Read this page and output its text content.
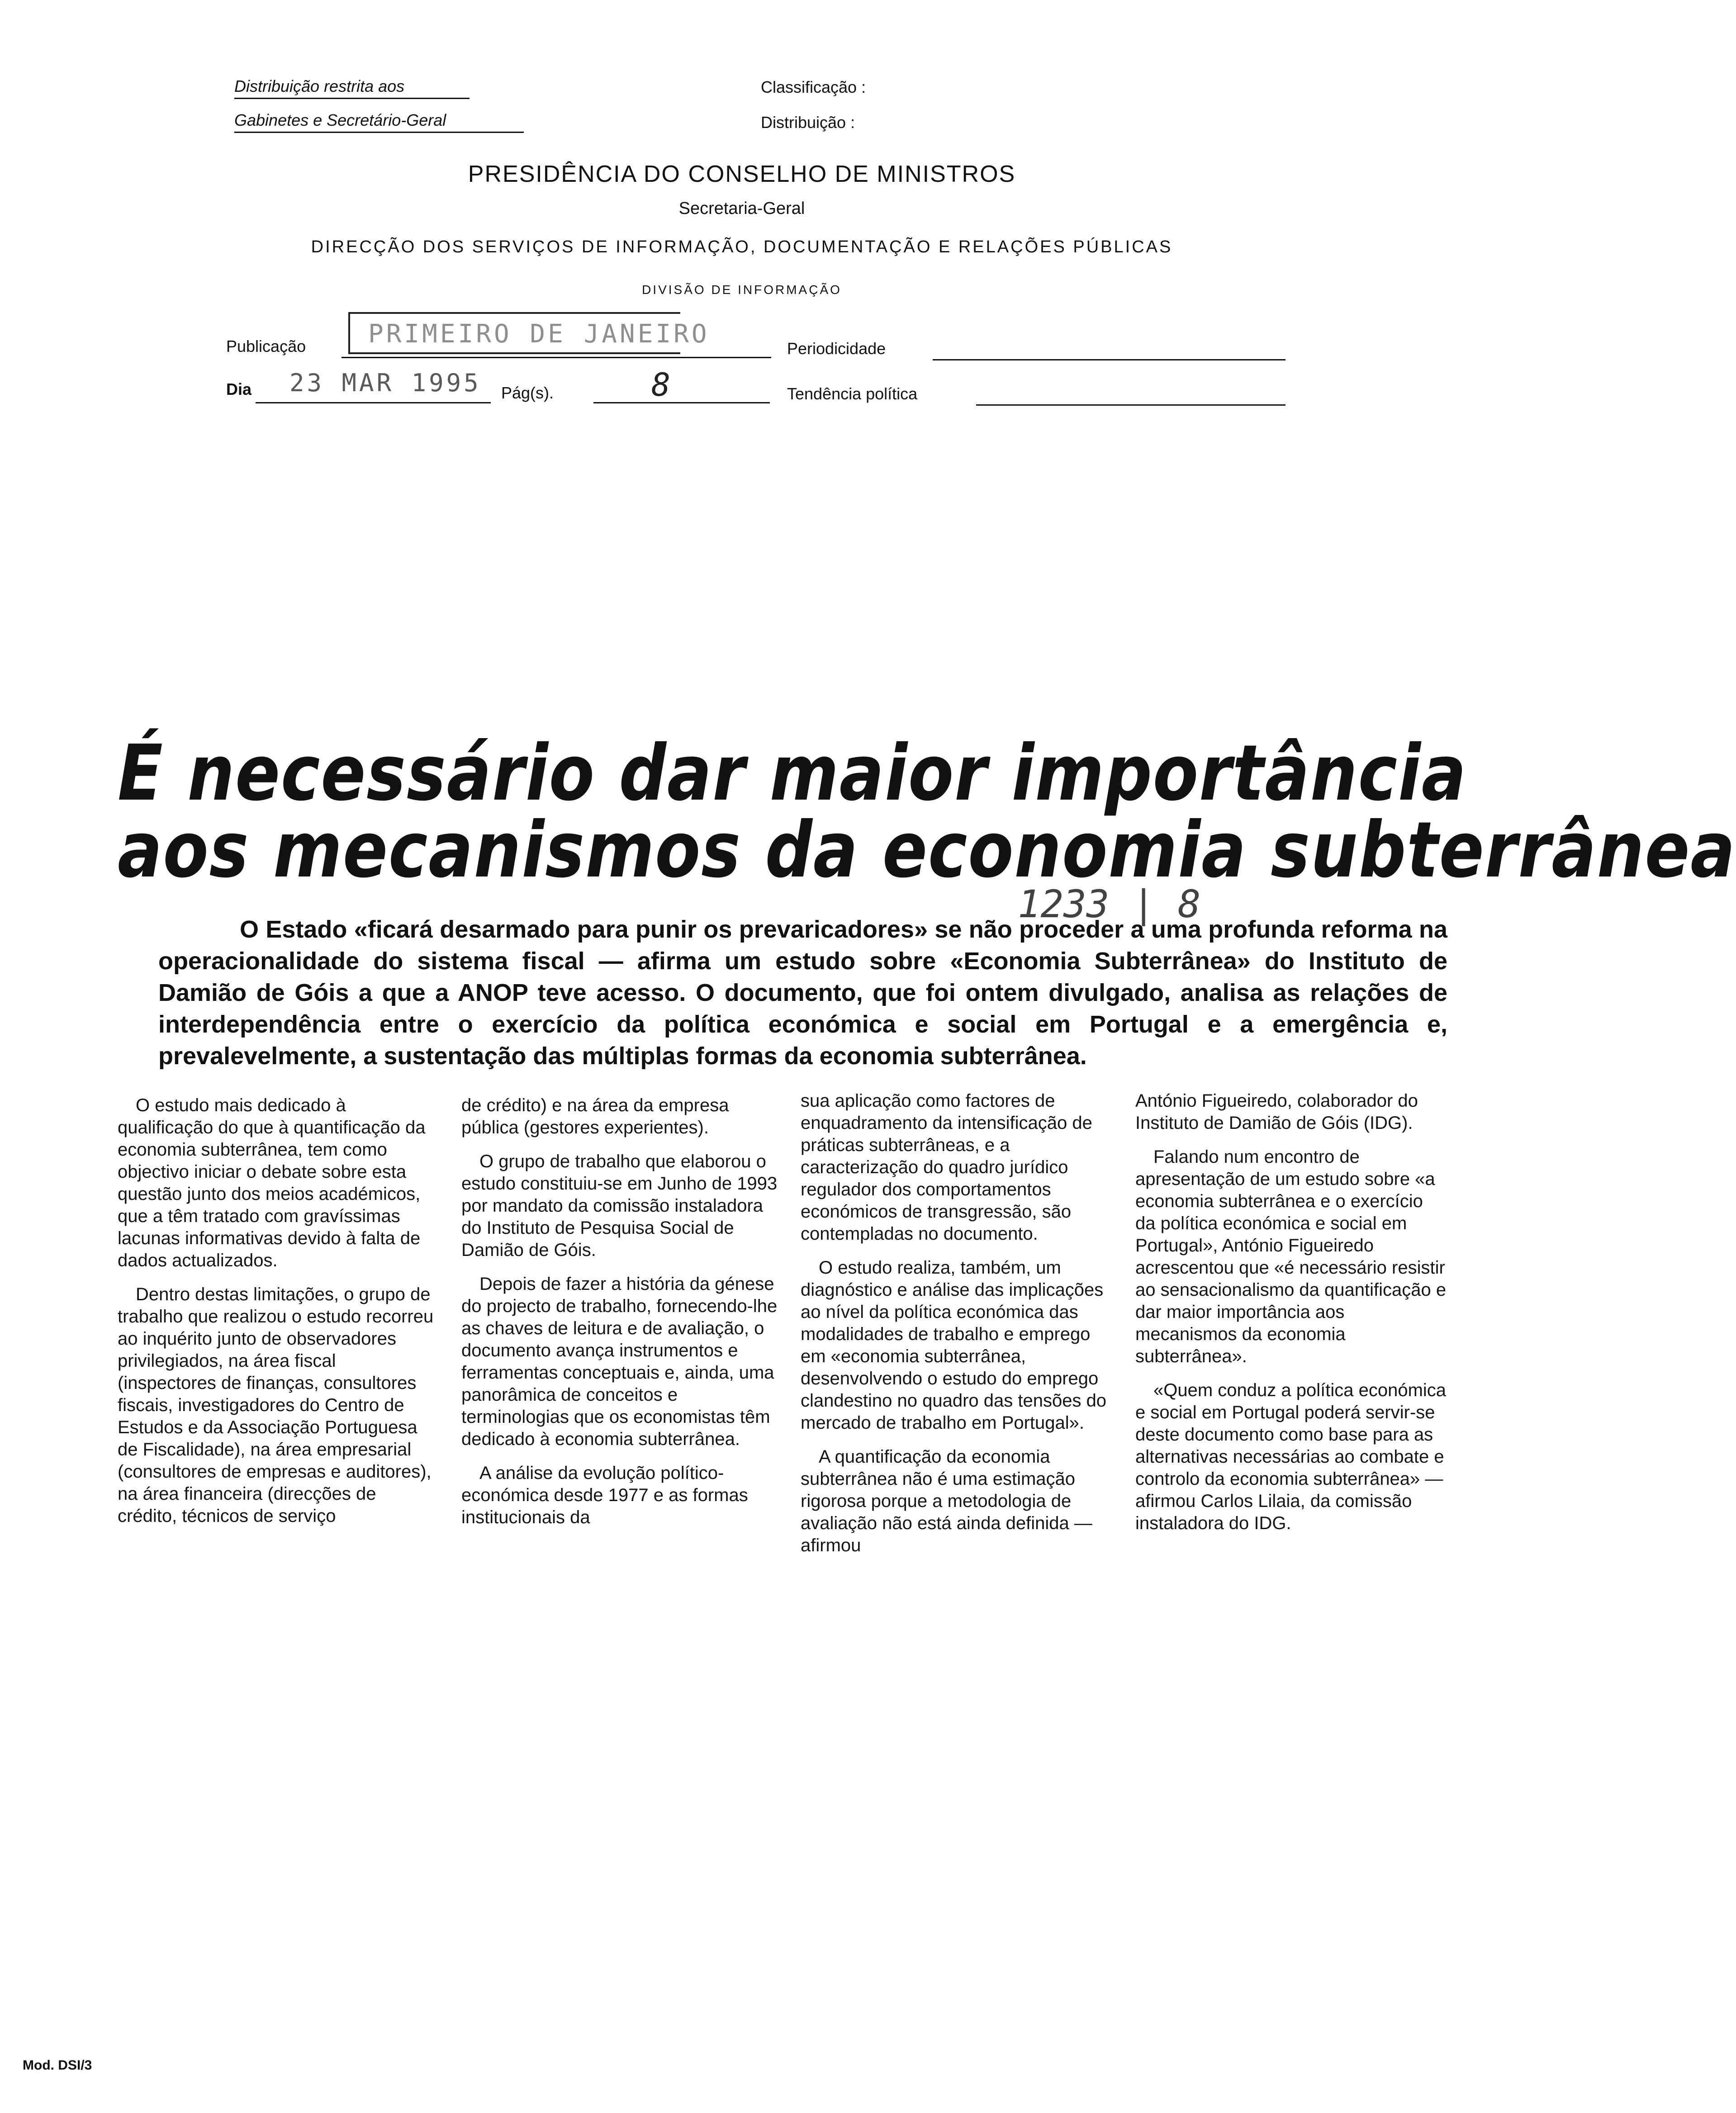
Distribuição restrita aos
Gabinetes e Secretário-Geral
Classificação :
Distribuição :
PRESIDÊNCIA DO CONSELHO DE MINISTROS
Secretaria-Geral
DIRECÇÃO DOS SERVIÇOS DE INFORMAÇÃO, DOCUMENTAÇÃO E RELAÇÕES PÚBLICAS
DIVISÃO DE INFORMAÇÃO
Publicação PRIMEIRO DE JANEIRO	Periodicidade
Dia 23 MAR 1995 Pág(s).	8	Tendência política
É necessário dar maior importância
aos mecanismos da economia subterrânea
1233 | 8
O Estado «ficará desarmado para punir os prevaricadores» se não proceder a uma profunda reforma na operacionalidade do sistema fiscal — afirma um estudo sobre «Economia Subterrânea» do Instituto de Damião de Góis a que a ANOP teve acesso. O documento, que foi ontem divulgado, analisa as relações de interdependência entre o exercício da política económica e social em Portugal e a emergência e, prevalevelmente, a sustentação das múltiplas formas da economia subterrânea.

O estudo mais dedicado à qualificação do que à quantificação da economia subterrânea, tem como objectivo iniciar o debate sobre esta questão junto dos meios académicos, que a têm tratado com gravíssimas lacunas informativas devido à falta de dados actualizados.

Dentro destas limitações, o grupo de trabalho que realizou o estudo recorreu ao inquérito junto de observadores privilegiados, na área fiscal (inspectores de finanças, consultores fiscais, investigadores do Centro de Estudos e da Associação Portuguesa de Fiscalidade), na área empresarial (consultores de empresas e auditores), na área financeira (direcções de crédito, técnicos de serviço

de crédito) e na área da empresa pública (gestores experientes).

O grupo de trabalho que elaborou o estudo constituiu-se em Junho de 1993 por mandato da comissão instaladora do Instituto de Pesquisa Social de Damião de Góis.

Depois de fazer a história da génese do projecto de trabalho, fornecendo-lhe as chaves de leitura e de avaliação, o documento avança instrumentos e ferramentas conceptuais e, ainda, uma panorâmica de conceitos e terminologias que os economistas têm dedicado à economia subterrânea.

A análise da evolução político-económica desde 1977 e as formas institucionais da

sua aplicação como factores de enquadramento da intensificação de práticas subterrâneas, e a caracterização do quadro jurídico regulador dos comportamentos económicos de transgressão, são contempladas no documento.

O estudo realiza, também, um diagnóstico e análise das implicações ao nível da política económica das modalidades de trabalho e emprego em «economia subterrânea, desenvolvendo o estudo do emprego clandestino no quadro das tensões do mercado de trabalho em Portugal».

A quantificação da economia subterrânea não é uma estimação rigorosa porque a metodologia de avaliação não está ainda definida — afirmou

António Figueiredo, colaborador do Instituto de Damião de Góis (IDG).

Falando num encontro de apresentação de um estudo sobre «a economia subterrânea e o exercício da política económica e social em Portugal», António Figueiredo acrescentou que «é necessário resistir ao sensacionalismo da quantificação e dar maior importância aos mecanismos da economia subterrânea».

«Quem conduz a política económica e social em Portugal poderá servir-se deste documento como base para as alternativas necessárias ao combate e controlo da economia subterrânea» — afirmou Carlos Lilaia, da comissão instaladora do IDG.

Mod. DSI/3
